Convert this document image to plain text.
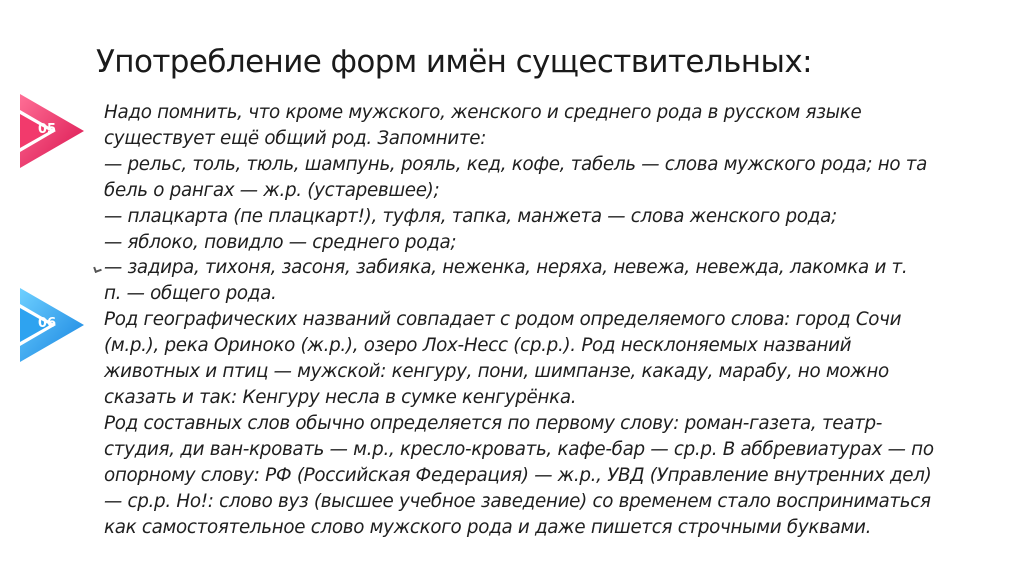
Употребление форм имён существительных:
05
06
Надо помнить, что кроме мужского, женского и среднего рода в русском языке
существует ещё общий род. Запомните:
— рельс, толь, тюль, шампунь, рояль, кед, кофе, табель — слова мужского рода; но та
бель о рангах — ж.р. (устаревшее);
— плацкарта (пе плацкарт!), туфля, тапка, манжета — слова женского рода;
— яблоко, повидло — среднего рода;
— задира, тихоня, засоня, забияка, неженка, неряха, невежа, невежда, лакомка и т.
п. — общего рода.
Род географических названий совпадает с родом определяемого слова: город Сочи
(м.р.), река Ориноко (ж.р.), озеро Лох-Несс (ср.р.). Род несклоняемых названий
животных и птиц — мужской: кенгуру, пони, шимпанзе, какаду, марабу, но можно
сказать и так: Кенгуру несла в сумке кенгурёнка.
Род составных слов обычно определяется по первому слову: роман-газета, театр-
студия, ди ван-кровать — м.р., кресло-кровать, кафе-бар — ср.р. В аббревиатурах — по
опорному слову: РФ (Российская Федерация) — ж.р., УВД (Управление внутренних дел)
— ср.р. Но!: слово вуз (высшее учебное заведение) со временем стало восприниматься
как самостоятельное слово мужского рода и даже пишется строчными буквами.
